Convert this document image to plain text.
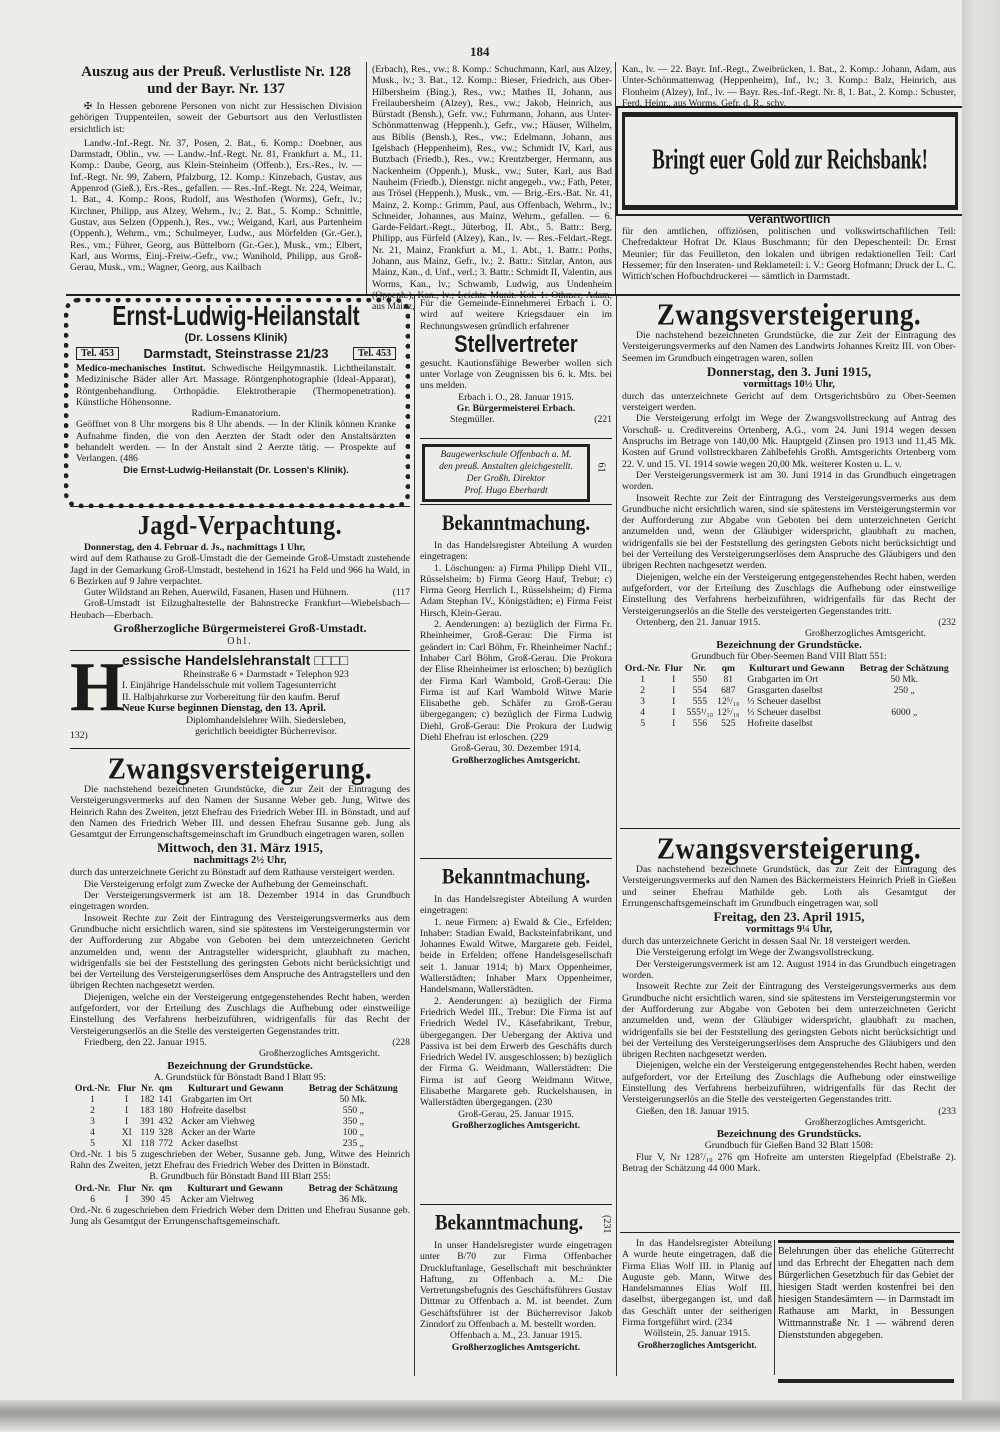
184
Auszug aus der Preuß. Verlustliste Nr. 128
und der Bayr. Nr. 137

✠ In Hessen geborene Personen von nicht zur Hessischen Division gehörigen Truppenteilen, soweit der Geburtsort aus den Verlustlisten ersichtlich ist:

Landw.-Inf.-Regt. Nr. 37, Posen, 2. Bat., 6. Komp.: Doebner, aus Darmstadt, Oblin., vw. — Landw.-Inf.-Regt. Nr. 81, Frankfurt a. M., 11. Komp.: Daube, Georg, aus Klein-Steinheim (Offenb.), Ers.-Res., lv. — Inf.-Regt. Nr. 99, Zabern, Pfalzburg, 12. Komp.: Kinzebach, Gustav, aus Appenrod (Gieß.), Ers.-Res., gefallen. — Res.-Inf.-Regt. Nr. 224, Weimar, 1. Bat., 4. Komp.: Roos, Rudolf, aus Westhofen (Worms), Gefr., lv.; Kirchner, Philipp, aus Alzey, Wehrm., lv.; 2. Bat., 5. Komp.: Schnittle, Gustav, aus Selzen (Oppenh.), Res., vw.; Weigand, Karl, aus Partenheim (Oppenh.), Wehrm., vm.; Schulmeyer, Ludw., aus Mörfelden (Gr.-Ger.), Res., vm.; Führer, Georg, aus Büttelborn (Gr.-Ger.), Musk., vm.; Elbert, Karl, aus Worms, Einj.-Freiw.-Gefr., vw.; Wanihold, Philipp, aus Groß-Gerau, Musk., vm.; Wagner, Georg, aus Kailbach

(Erbach), Res., vw.; 8. Komp.: Schuchmann, Karl, aus Alzey, Musk., lv.; 3. Bat., 12. Komp.: Bieser, Friedrich, aus Ober-Hilbersheim (Bing.), Res., vw.; Mathes II, Johann, aus Freilaubersheim (Alzey), Res., vw.; Jakob, Heinrich, aus Bürstadt (Bensh.), Gefr. vw.; Fuhrmann, Johann, aus Unter-Schönmattenwag (Heppenh.), Gefr., vw.; Häuser, Wilhelm, aus Biblis (Bensh.), Res., vw.; Edelmann, Johann, aus Igelsbach (Heppenheim), Res., vw.; Schmidt IV, Karl, aus Butzbach (Friedb.), Res., vw.; Kreutzberger, Hermann, aus Nackenheim (Oppenh.), Musk., vw.; Suter, Karl, aus Bad Nauheim (Friedb.), Dienstgr. nicht angegeb., vw.; Fath, Peter, aus Trösel (Heppenh.), Musk., vm. — Brig.-Ers.-Bat. Nr. 41, Mainz, 2. Komp.: Grimm, Paul, aus Offenbach, Wehrm., lv.; Schneider, Johannes, aus Mainz, Wehrm., gefallen. — 6. Garde-Feldart.-Regt., Jüterbog, II. Abt., 5. Battr.: Berg, Philipp, aus Fürfeld (Alzey), Kan., lv. — Res.-Feldart.-Regt. Nr. 21, Mainz, Frankfurt a. M., 1. Abt., 1. Battr.: Poths, Johann, aus Mainz, Gefr., lv.; 2. Battr.: Sitzlar, Anton, aus Mainz, Kan., d. Unf., verl.; 3. Battr.: Schmidt II, Valentin, aus Worms, Kan., lv.; Schwamb, Ludwig, aus Undenheim (Oppenh.), Kan., lv.; Leichte Munit.-Kol. 1: Othmer, Adam, aus Mainz,

Kan., lv. — 22. Bayr. Inf.-Regt., Zweibrücken, 1. Bat., 2. Komp.: Johann, Adam, aus Unter-Schönmattenwag (Heppenheim), Inf., lv.; 3. Komp.: Balz, Heinrich, aus Flonheim (Alzey), Inf., lv. — Bayr. Res.-Inf.-Regt. Nr. 8, 1. Bat., 2. Komp.: Schuster, Ferd. Heinr., aus Worms, Gefr. d. R., schv.

Bringt euer Gold zur Reichsbank!
Verantwortlich

für den amtlichen, offiziösen, politischen und volkswirtschaftlichen Teil: Chefredakteur Hofrat Dr. Klaus Buschmann; für den Depeschenteil: Dr. Ernst Meunier; für das Feuilleton, den lokalen und übrigen redaktionellen Teil: Carl Hessemer; für den Inseraten- und Reklameteil: i. V.: Georg Hofmann; Druck der L. C. Wittich'schen Hofbuchdruckerei — sämtlich in Darmstadt.

Ernst-Ludwig-Heilanstalt
(Dr. Lossens Klinik)
Tel. 453	Darmstadt, Steinstrasse 21/23	Tel. 453

Medico-mechanisches Institut. Schwedische Heilgymnastik. Lichtheilanstalt. Medizinische Bäder aller Art. Massage. Röntgenphotographie (Ideal-Apparat), Röntgenbehandlung. Orthopädie. Elektrotherapie (Thermopenetration). Künstliche Höhensonne.

Radium-Emanatorium.

Geöffnet von 8 Uhr morgens bis 8 Uhr abends. — In der Klinik können Kranke Aufnahme finden, die von den Aerzten der Stadt oder den Anstaltsärzten behandelt werden. — In der Anstalt sind 2 Aerzte tätig. — Prospekte auf Verlangen. (486

Die Ernst-Ludwig-Heilanstalt (Dr. Lossen's Klinik).

Jagd-Verpachtung.

Donnerstag, den 4. Februar d. Js., nachmittags 1 Uhr,

wird auf dem Rathause zu Groß-Umstadt die der Gemeinde Groß-Umstadt zustehende Jagd in der Gemarkung Groß-Umstadt, bestehend in 1621 ha Feld und 966 ha Wald, in 6 Bezirken auf 9 Jahre verpachtet.

Guter Wildstand an Rehen, Auerwild, Fasanen, Hasen und Hühnern.	(117

Groß-Umstadt ist Eilzughaltestelle der Bahnstrecke Frankfurt—Wiebelsbach—Heubach—Eberbach.

Großherzogliche Bürgermeisterei Groß-Umstadt.
Ohl.
H
132)
essische Handelslehranstalt □□□□

Rheinstraße 6 ∘ Darmstadt ∘ Telephon 923

I. Einjährige Handelsschule mit vollem Tagesunterricht

II. Halbjahrkurse zur Vorbereitung für den kaufm. Beruf

Neue Kurse beginnen Dienstag, den 13. April.

Diplomhandelslehrer Wilh. Siedersleben,

gerichtlich beeidigter Bücherrevisor.

Zwangsversteigerung.

Die nachstehend bezeichneten Grundstücke, die zur Zeit der Eintragung des Versteigerungsvermerks auf den Namen der Susanne Weber geb. Jung, Witwe des Heinrich Rahn des Zweiten, jetzt Ehefrau des Friedrich Weber III. in Bönstadt, und auf den Namen des Friedrich Weber III. und dessen Ehefrau Susanne geb. Jung als Gesamtgut der Errungenschaftsgemeinschaft im Grundbuch eingetragen waren, sollen

Mittwoch, den 31. März 1915,
nachmittags 2½ Uhr,

durch das unterzeichnete Gericht zu Bönstadt auf dem Rathause versteigert werden.

Die Versteigerung erfolgt zum Zwecke der Aufhebung der Gemeinschaft.

Der Versteigerungsvermerk ist am 18. Dezember 1914 in das Grundbuch eingetragen worden.

Insoweit Rechte zur Zeit der Eintragung des Versteigerungsvermerks aus dem Grundbuche nicht ersichtlich waren, sind sie spätestens im Versteigerungstermin vor der Aufforderung zur Abgabe von Geboten bei dem unterzeichneten Gericht anzumelden und, wenn der Antragsteller widerspricht, glaubhaft zu machen, widrigenfalls sie bei der Feststellung des geringsten Gebots nicht berücksichtigt und bei der Verteilung des Versteigerungserlöses dem Anspruche des Antragstellers und den übrigen Rechten nachgesetzt werden.

Diejenigen, welche ein der Versteigerung entgegenstehendes Recht haben, werden aufgefordert, vor der Erteilung des Zuschlags die Aufhebung oder einstweilige Einstellung des Verfahrens herbeizuführen, widrigenfalls für das Recht der Versteigerungserlös an die Stelle des versteigerten Gegenstandes tritt.

Friedberg, den 22. Januar 1915.	(228

Großherzogliches Amtsgericht.

Bezeichnung der Grundstücke.

A. Grundstück für Bönstadt Band I Blatt 95:

Ord.-Nr.	Flur	Nr.	qm	Kulturart und Gewann	Betrag der Schätzung
1	I	182	141	Grabgarten im Ort	50 Mk.
2	I	183	180	Hofreite daselbst	550 „
3	I	391	432	Acker am Viehweg	350 „
4	XI	119	328	Acker an der Warte	100 „
5	XI	118	772	Acker daselbst	235 „

Ord.-Nr. 1 bis 5 zugeschrieben der Weber, Susanne geb. Jung, Witwe des Heinrich Rahn des Zweiten, jetzt Ehefrau des Friedrich Weber des Dritten in Bönstadt.

B. Grundbuch für Bönstadt Band III Blatt 255:

Ord.-Nr.	Flur	Nr.	qm	Kulturart und Gewann	Betrag der Schätzung
6	I	390	45	Acker am Viehweg	36 Mk.

Ord.-Nr. 6 zugeschrieben dem Friedrich Weber dem Dritten und Ehefrau Susanne geb. Jung als Gesamtgut der Errungenschaftsgemeinschaft.

Für die Gemeinde-Einnehmerei Erbach i. O. wird auf weitere Kriegsdauer ein im Rechnungswesen gründlich erfahrener

Stellvertreter

gesucht. Kautionsfähige Bewerber wollen sich unter Vorlage von Zeugnissen bis 6. k. Mts. bei uns melden.

Erbach i. O., 28. Januar 1915.

Gr. Bürgermeisterei Erbach.

Stegmüller.	(221
Baugewerkschule Offenbach a. M.
den preuß. Anstalten gleichgestellt.
Der Großh. Direktor
Prof. Hugo Eberhardt
61
Bekanntmachung.

In das Handelsregister Abteilung A wurden eingetragen:

1. Löschungen: a) Firma Philipp Diehl VII., Rüsselsheim; b) Firma Georg Hauf, Trebur; c) Firma Georg Herrlich I., Rüsselsheim; d) Firma Adam Stephan IV., Königstädten; e) Firma Feist Hirsch, Klein-Gerau.

2. Aenderungen: a) bezüglich der Firma Fr. Rheinheimer, Groß-Gerau: Die Firma ist geändert in: Carl Böhm, Fr. Rheinheimer Nachf.; Inhaber Carl Böhm, Groß-Gerau. Die Prokura der Elise Rheinheimer ist erloschen; b) bezüglich der Firma Karl Wambold, Groß-Gerau: Die Firma ist auf Karl Wambold Witwe Marie Elisabethe geb. Schäfer zu Groß-Gerau übergegangen; c) bezüglich der Firma Ludwig Diehl, Groß-Gerau: Die Prokura der Ludwig Diehl Ehefrau ist erloschen. (229

Groß-Gerau, 30. Dezember 1914.

Großherzogliches Amtsgericht.

Bekanntmachung.

In das Handelsregister Abteilung A wurden eingetragen:

1. neue Firmen: a) Ewald & Cie., Erfelden; Inhaber: Stadian Ewald, Backsteinfabrikant, und Johannes Ewald Witwe, Margarete geb. Feidel, beide in Erfelden; offene Handelsgesellschaft seit 1. Januar 1914; b) Marx Oppenheimer, Wallerstädten; Inhaber Marx Oppenheimer, Handelsmann, Wallerstädten.

2. Aenderungen: a) bezüglich der Firma Friedrich Wedel III., Trebur: Die Firma ist auf Friedrich Wedel IV., Käsefabrikant, Trebur, übergegangen. Der Uebergang der Aktiva und Passiva ist bei dem Erwerb des Geschäfts durch Friedrich Wedel IV. ausgeschlossen; b) bezüglich der Firma G. Weidmann, Wallerstädten: Die Firma ist auf Georg Weidmann Witwe, Elisabethe Margarete geb. Ruckelshausen, in Wallerstädten übergegangen. (230

Groß-Gerau, 25. Januar 1915.

Großherzogliches Amtsgericht.

Bekanntmachung.	(231

In unser Handelsregister wurde eingetragen unter B/70 zur Firma Offenbacher Druckluftanlage, Gesellschaft mit beschränkter Haftung, zu Offenbach a. M.: Die Vertretungsbefugnis des Geschäftsführers Gustav Dittmar zu Offenbach a. M. ist beendet. Zum Geschäftsführer ist der Bücherrevisor Jakob Zinndorf zu Offenbach a. M. bestellt worden.

Offenbach a. M., 23. Januar 1915.

Großherzogliches Amtsgericht.

Zwangsversteigerung.

Die nachstehend bezeichneten Grundstücke, die zur Zeit der Eintragung des Versteigerungsvermerks auf den Namen des Landwirts Johannes Kreitz III. von Ober-Seemen im Grundbuch eingetragen waren, sollen

Donnerstag, den 3. Juni 1915,
vormittags 10½ Uhr,

durch das unterzeichnete Gericht auf dem Ortsgerichtsbüro zu Ober-Seemen versteigert werden.

Die Versteigerung erfolgt im Wege der Zwangsvollstreckung auf Antrag des Vorschuß- u. Creditvereins Ortenberg, A.G., vom 24. Juni 1914 wegen dessen Anspruchs im Betrage von 140,00 Mk. Hauptgeld (Zinsen pro 1913 und 11,45 Mk. Kosten auf Grund vollstreckbaren Zahlbefehls Großh. Amtsgerichts Ortenberg vom 22. V. und 15. VI. 1914 sowie wegen 20,00 Mk. weiterer Kosten u. L. v.

Der Versteigerungsvermerk ist am 30. Juni 1914 in das Grundbuch eingetragen worden.

Insoweit Rechte zur Zeit der Eintragung des Versteigerungsvermerks aus dem Grundbuche nicht ersichtlich waren, sind sie spätestens im Versteigerungstermin vor der Aufforderung zur Abgabe von Geboten bei dem unterzeichneten Gericht anzumelden und, wenn der Gläubiger widerspricht, glaubhaft zu machen, widrigenfalls sie bei der Feststellung des geringsten Gebots nicht berücksichtigt und bei der Verteilung des Versteigerungserlöses dem Anspruche des Gläubigers und den übrigen Rechten nachgesetzt werden.

Diejenigen, welche ein der Versteigerung entgegenstehendes Recht haben, werden aufgefordert, vor der Erteilung des Zuschlags die Aufhebung oder einstweilige Einstellung des Verfahrens herbeizuführen, widrigenfalls für das Recht der Versteigerungserlös an die Stelle des versteigerten Gegenstandes tritt.

Ortenberg, den 21. Januar 1915.	(232

Großherzogliches Amtsgericht.

Bezeichnung der Grundstücke.

Grundbuch für Ober-Seemen Band VIII Blatt 551:

Ord.-Nr.	Flur	Nr.	qm	Kulturart und Gewann	Betrag der Schätzung
1	I	550	81	Grabgarten im Ort	50 Mk.
2	I	554	687	Grasgarten daselbst	250 „
3	I	555	12⁵/₁₀	⅓ Scheuer daselbst	
4	I	555¹/₁₀	12⁵/₁₀	⅓ Scheuer daselbst	6000 „
5	I	556	525	Hofreite daselbst	
Zwangsversteigerung.

Das nachstehend bezeichnete Grundstück, das zur Zeit der Eintragung des Versteigerungsvermerks auf den Namen des Bäckermeisters Heinrich Prieß in Gießen und seiner Ehefrau Mathilde geb. Loth als Gesamtgut der Errungenschaftsgemeinschaft im Grundbuch eingetragen war, soll

Freitag, den 23. April 1915,
vormittags 9¼ Uhr,

durch das unterzeichnete Gericht in dessen Saal Nr. 18 versteigert werden.

Die Versteigerung erfolgt im Wege der Zwangsvollstreckung.

Der Versteigerungsvermerk ist am 12. August 1914 in das Grundbuch eingetragen worden.

Insoweit Rechte zur Zeit der Eintragung des Versteigerungsvermerks aus dem Grundbuche nicht ersichtlich waren, sind sie spätestens im Versteigerungstermin vor der Aufforderung zur Abgabe von Geboten bei dem unterzeichneten Gericht anzumelden und, wenn der Gläubiger widerspricht, glaubhaft zu machen, widrigenfalls sie bei der Feststellung des geringsten Gebots nicht berücksichtigt und bei der Verteilung des Versteigerungserlöses dem Anspruche des Gläubigers und den übrigen Rechten nachgesetzt werden.

Diejenigen, welche ein der Versteigerung entgegenstehendes Recht haben, werden aufgefordert, vor der Erteilung des Zuschlags die Aufhebung oder einstweilige Einstellung des Verfahrens herbeizuführen, widrigenfalls für das Recht der Versteigerungserlös an die Stelle des versteigerten Gegenstandes tritt.

Gießen, den 18. Januar 1915.	(233

Großherzogliches Amtsgericht.

Bezeichnung des Grundstücks.

Grundbuch für Gießen Band 32 Blatt 1508:

Flur V, Nr 128⁷/₁₀ 276 qm Hofreite am untersten Riegelpfad (Ebelstraße 2). Betrag der Schätzung 44 000 Mark.

In das Handelsregister Abteilung A wurde heute eingetragen, daß die Firma Elias Wolf III. in Planig auf Auguste geb. Mann, Witwe des Handelsmannes Elias Wolf III. daselbst, übergegangen ist, und daß das Geschäft unter der seitherigen Firma fortgeführt wird. (234

Wöllstein, 25. Januar 1915.

Großherzogliches Amtsgericht.

Belehrungen über das eheliche Güterrecht und das Erbrecht der Ehegatten nach dem Bürgerlichen Gesetzbuch für das Gebiet der hiesigen Stadt werden kostenfrei bei den hiesigen Standesämtern — in Darmstadt im Rathause am Markt, in Bessungen Wittmannstraße Nr. 1 — während deren Dienststunden abgegeben.
